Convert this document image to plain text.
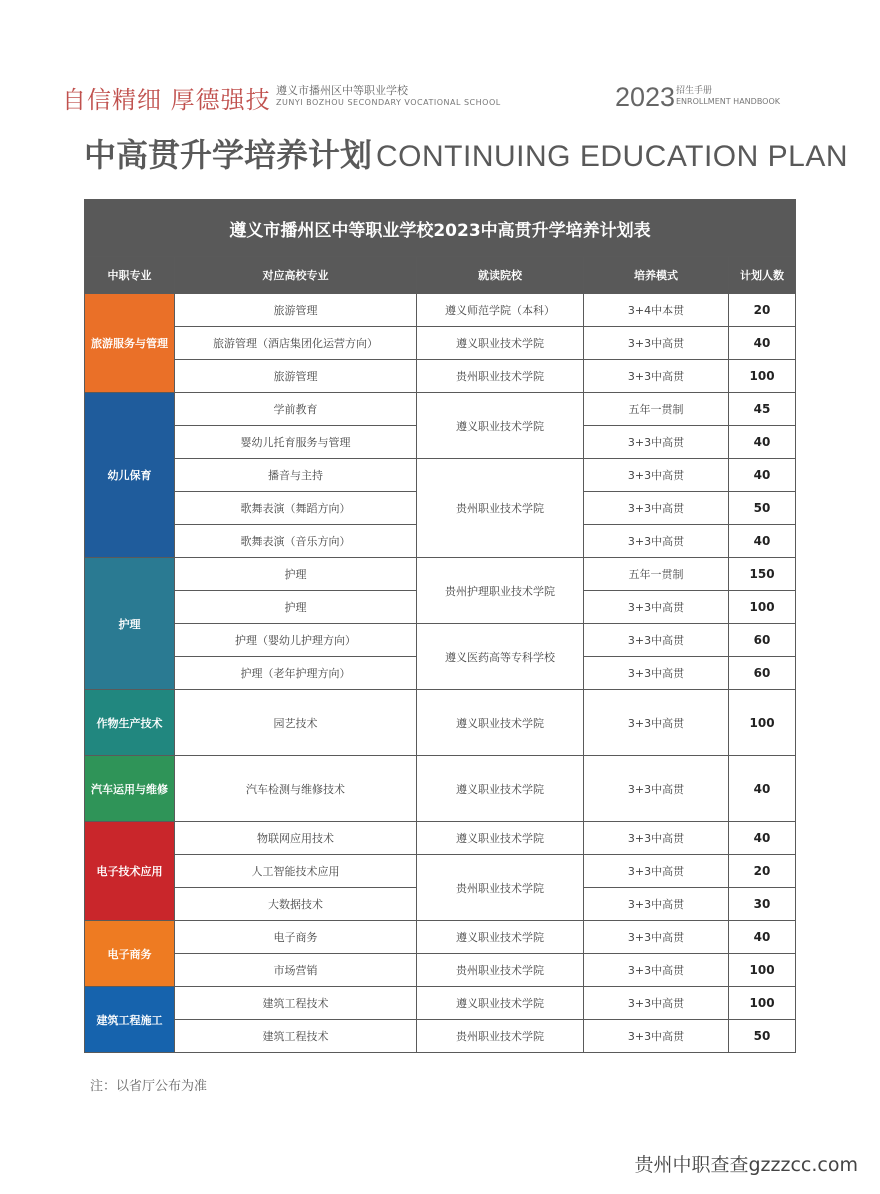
自信精细 厚德强技 遵义市播州区中等职业学校
ZUNYI BOZHOU SECONDARY VOCATIONAL SCHOOL	2023 招生手册
ENROLLMENT HANDBOOK
中高贯升学培养计划 CONTINUING EDUCATION PLAN
遵义市播州区中等职业学校2023中高贯升学培养计划表				
中职专业	对应高校专业	就读院校	培养模式	计划人数
旅游服务与管理	旅游管理	遵义师范学院（本科）	3+4中本贯	20
	旅游管理（酒店集团化运营方向）	遵义职业技术学院	3+3中高贯	40
	旅游管理	贵州职业技术学院	3+3中高贯	100
幼儿保育	学前教育	遵义职业技术学院	五年一贯制	45
	婴幼儿托育服务与管理		3+3中高贯	40
	播音与主持	贵州职业技术学院	3+3中高贯	40
	歌舞表演（舞蹈方向）		3+3中高贯	50
	歌舞表演（音乐方向）		3+3中高贯	40
护理	护理	贵州护理职业技术学院	五年一贯制	150
	护理		3+3中高贯	100
	护理（婴幼儿护理方向）	遵义医药高等专科学校	3+3中高贯	60
	护理（老年护理方向）		3+3中高贯	60
作物生产技术	园艺技术	遵义职业技术学院	3+3中高贯	100
汽车运用与维修	汽车检测与维修技术	遵义职业技术学院	3+3中高贯	40
电子技术应用	物联网应用技术	遵义职业技术学院	3+3中高贯	40
	人工智能技术应用	贵州职业技术学院	3+3中高贯	20
	大数据技术		3+3中高贯	30
电子商务	电子商务	遵义职业技术学院	3+3中高贯	40
	市场营销	贵州职业技术学院	3+3中高贯	100
建筑工程施工	建筑工程技术	遵义职业技术学院	3+3中高贯	100
	建筑工程技术	贵州职业技术学院	3+3中高贯	50
注：以省厅公布为准
贵州中职查查gzzzcc.com
